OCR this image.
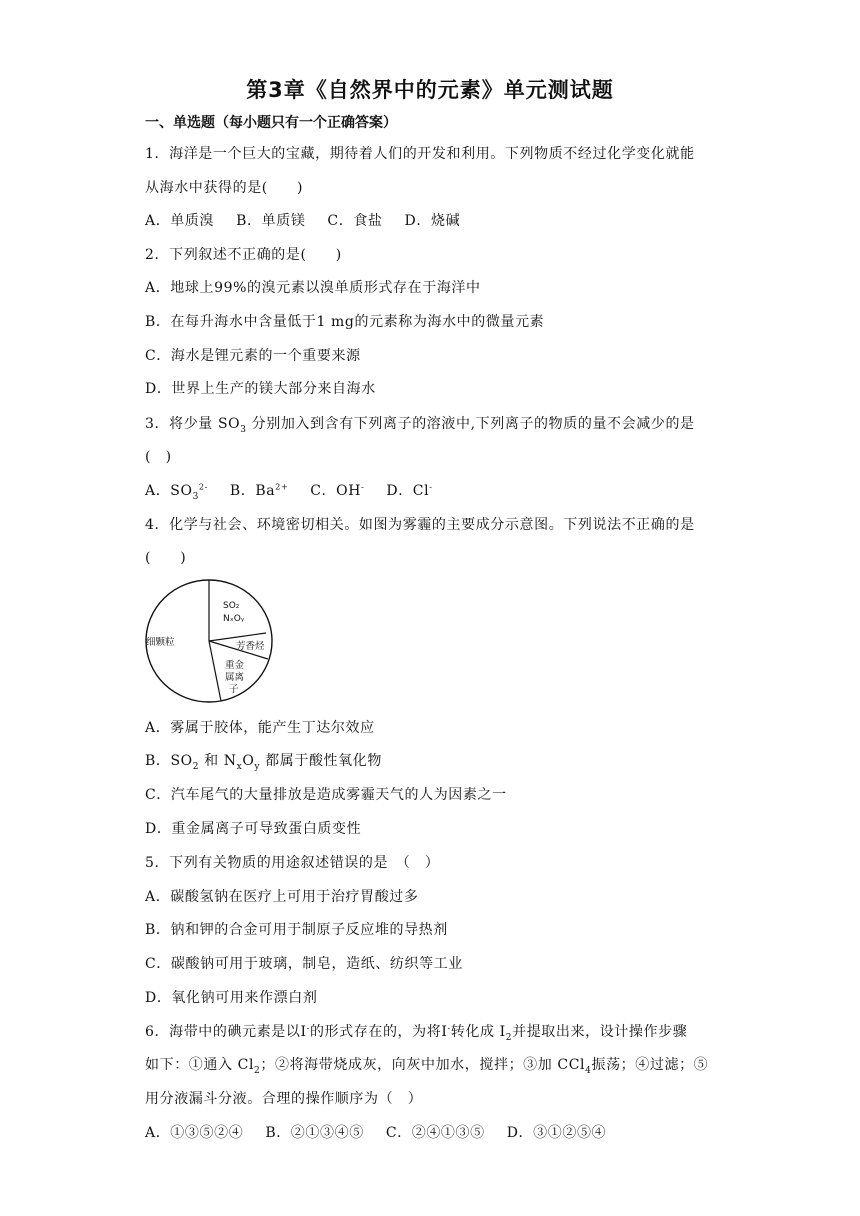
第3章《自然界中的元素》单元测试题
一、单选题（每小题只有一个正确答案）
1．海洋是一个巨大的宝藏，期待着人们的开发和利用。下列物质不经过化学变化就能
从海水中获得的是(　　)
A．单质溴 B．单质镁 C．食盐 D．烧碱
2．下列叙述不正确的是(　　)
A．地球上99%的溴元素以溴单质形式存在于海洋中
B．在每升海水中含量低于1 mg的元素称为海水中的微量元素
C．海水是锂元素的一个重要来源
D．世界上生产的镁大部分来自海水
3．将少量 $SO_3$ 分别加入到含有下列离子的溶液中,下列离子的物质的量不会减少的是
(　)
A．$SO_3^{2-}$ B．$Ba^{2+}$ C．OH- D．Cl-
4．化学与社会、环境密切相关。如图为雾霾的主要成分示意图。下列说法不正确的是
(　　)
细颗粒
SO₂
NₓOᵧ
芳香烃
重金
属离
子
A．雾属于胶体，能产生丁达尔效应
B．$SO_2$ 和 $N_xO_y$ 都属于酸性氧化物
C．汽车尾气的大量排放是造成雾霾天气的人为因素之一
D．重金属离子可导致蛋白质变性
5．下列有关物质的用途叙述错误的是　（　）
A．碳酸氢钠在医疗上可用于治疗胃酸过多
B．钠和钾的合金可用于制原子反应堆的导热剂
C．碳酸钠可用于玻璃，制皂，造纸、纺织等工业
D．氧化钠可用来作漂白剂
6．海带中的碘元素是以Ⅰ-的形式存在的，为将Ⅰ-转化成 $I_2$并提取出来，设计操作步骤
如下：①通入 $Cl_2$；②将海带烧成灰，向灰中加水，搅拌；③加 CCl$_4$振荡；④过滤；⑤
用分液漏斗分液。合理的操作顺序为（　）
A．①③⑤②④ B．②①③④⑤ C．②④①③⑤ D．③①②⑤④
